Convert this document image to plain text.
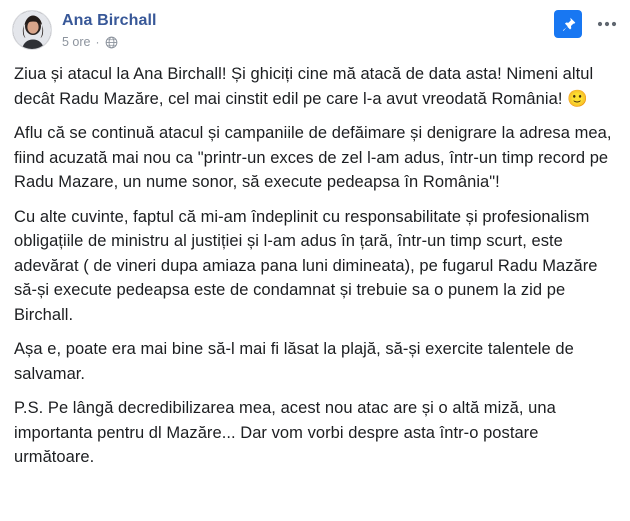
Ana Birchall
5 ore ·

Ziua și atacul la Ana Birchall! Și ghiciți cine mă atacă de data asta! Nimeni altul decât Radu Mazăre, cel mai cinstit edil pe care l-a avut vreodată România! 🙂

Aflu că se continuă atacul și campaniile de defăimare și denigrare la adresa mea, fiind acuzată mai nou ca "printr-un exces de zel l-am adus, într-un timp record pe Radu Mazare, un nume sonor, să execute pedeapsa în România"!

Cu alte cuvinte, faptul că mi-am îndeplinit cu responsabilitate și profesionalism obligațiile de ministru al justiției și l-am adus în țară, într-un timp scurt, este adevărat ( de vineri dupa amiaza pana luni dimineata), pe fugarul Radu Mazăre să-și execute pedeapsa este de condamnat și trebuie sa o punem la zid pe Birchall.

Așa e, poate era mai bine să-l mai fi lăsat la plajă, să-și exercite talentele de salvamar.

P.S. Pe lângă decredibilizarea mea, acest nou atac are și o altă miză, una importanta pentru dl Mazăre... Dar vom vorbi despre asta într-o postare următoare.
